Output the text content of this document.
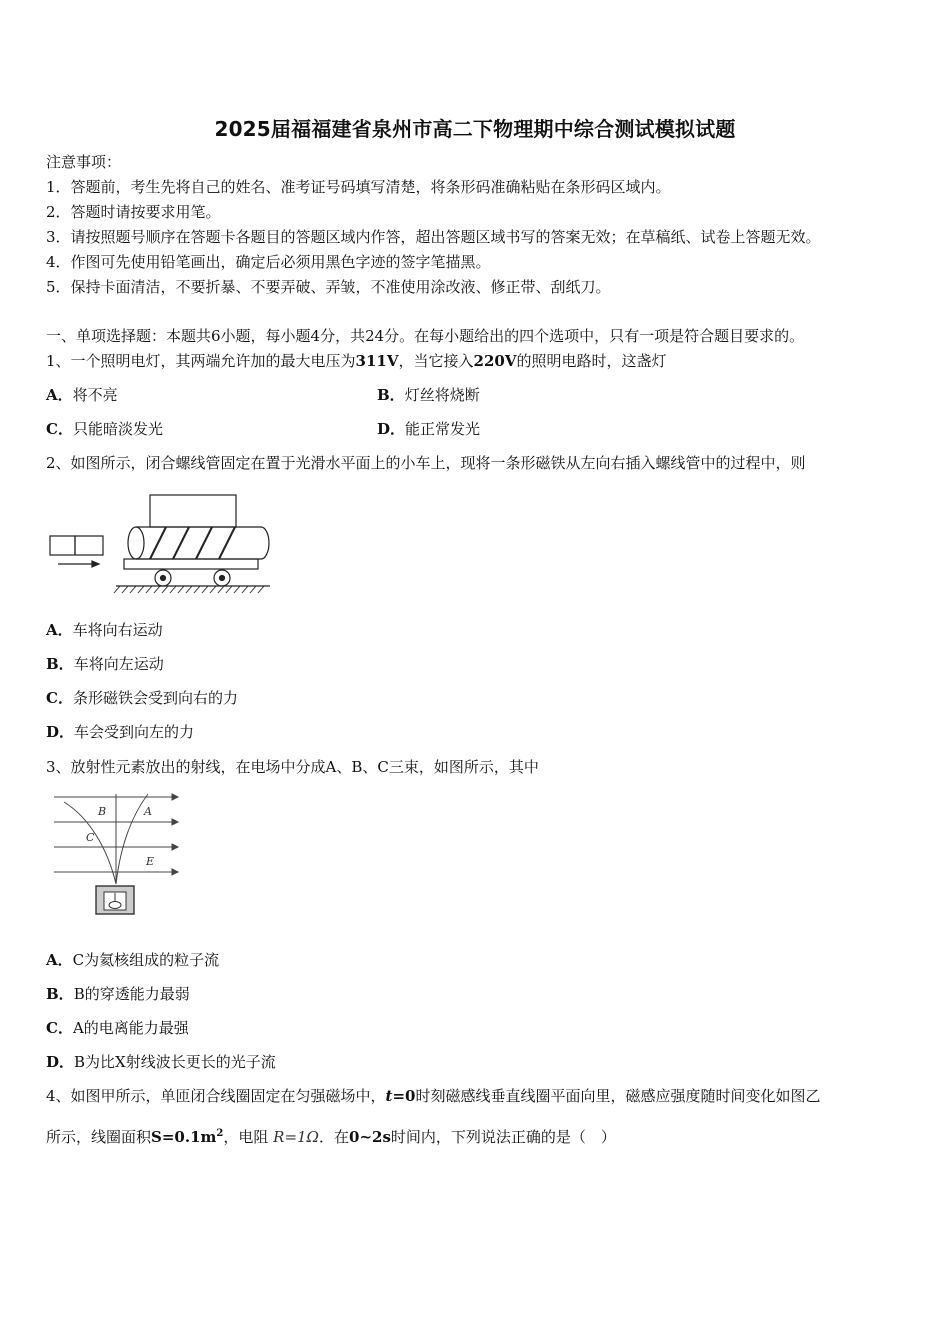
2025届福福建省泉州市高二下物理期中综合测试模拟试题
注意事项：
1．答题前，考生先将自己的姓名、准考证号码填写清楚，将条形码准确粘贴在条形码区域内。
2．答题时请按要求用笔。
3．请按照题号顺序在答题卡各题目的答题区域内作答，超出答题区域书写的答案无效；在草稿纸、试卷上答题无效。
4．作图可先使用铅笔画出，确定后必须用黑色字迹的签字笔描黑。
5．保持卡面清洁，不要折暴、不要弄破、弄皱，不准使用涂改液、修正带、刮纸刀。
一、单项选择题：本题共6小题，每小题4分，共24分。在每小题给出的四个选项中，只有一项是符合题目要求的。
1、一个照明电灯，其两端允许加的最大电压为311V，当它接入220V的照明电路时，这盏灯
A．将不亮	B．灯丝将烧断
C．只能暗淡发光	D．能正常发光
2、如图所示，闭合螺线管固定在置于光滑水平面上的小车上，现将一条形磁铁从左向右插入螺线管中的过程中，则
A．车将向右运动
B．车将向左运动
C．条形磁铁会受到向右的力
D．车会受到向左的力
3、放射性元素放出的射线，在电场中分成A、B、C三束，如图所示，其中
B	A
C
E
A．C为氦核组成的粒子流
B．B的穿透能力最弱
C．A的电离能力最强
D．B为比X射线波长更长的光子流
4、如图甲所示，单匝闭合线圈固定在匀强磁场中，t=0时刻磁感线垂直线圈平面向里，磁感应强度随时间变化如图乙
所示，线圈面积$S=0.1m^2$，电阻 R=1Ω．在0~2s时间内，下列说法正确的是（　）
